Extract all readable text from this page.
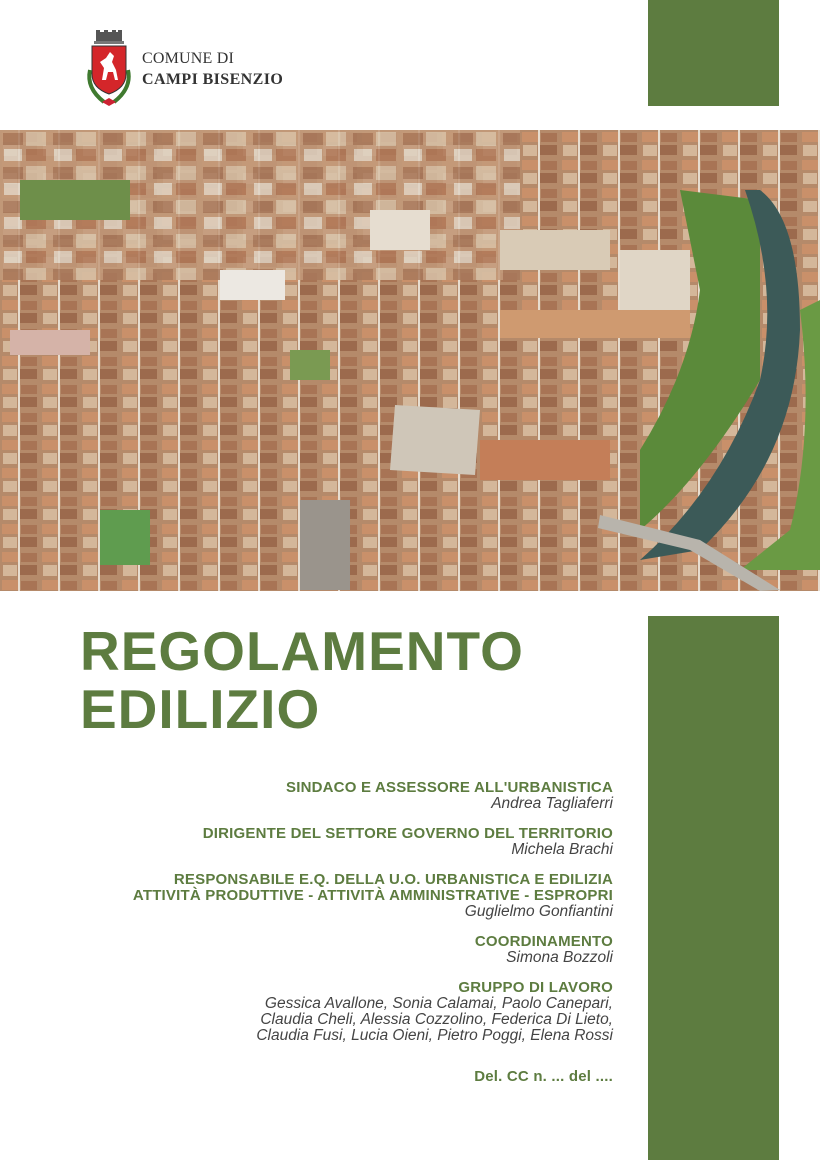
COMUNE DI
CAMPI BISENZIO
REGOLAMENTO
EDILIZIO
SINDACO E ASSESSORE ALL'URBANISTICA
Andrea Tagliaferri
DIRIGENTE DEL SETTORE GOVERNO DEL TERRITORIO
Michela Brachi
RESPONSABILE E.Q. DELLA U.O. URBANISTICA E EDILIZIA
ATTIVITÀ PRODUTTIVE - ATTIVITÀ AMMINISTRATIVE - ESPROPRI
Guglielmo Gonfiantini
COORDINAMENTO
Simona Bozzoli
GRUPPO DI LAVORO
Gessica Avallone, Sonia Calamai, Paolo Canepari,
Claudia Cheli, Alessia Cozzolino, Federica Di Lieto,
Claudia Fusi, Lucia Oieni, Pietro Poggi, Elena Rossi
Del. CC n. ... del ....
